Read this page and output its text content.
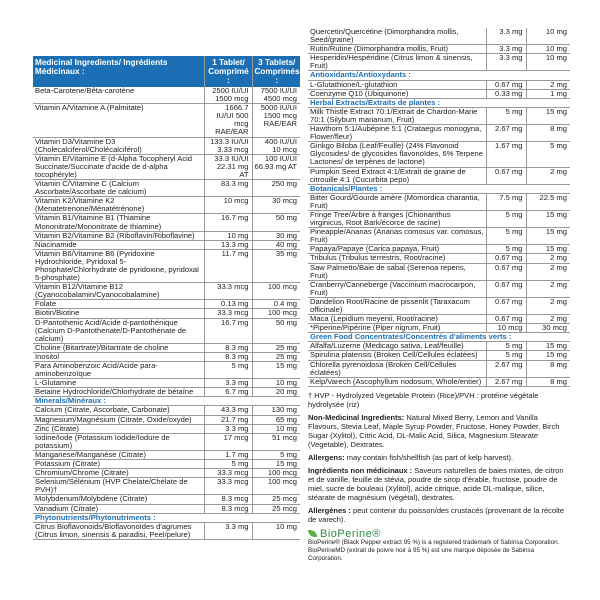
Medicinal Ingredients/ Ingrédients Médicinaux :	1 Tablet/ Comprimé :	3 Tablets/ Comprimés :
Beta-Carotene/Bêta-carotène	2500 IU/UI 1500 mcg	7500 IU/UI 4500 mcg
Vitamin A/Vitamine A (Palmitate)	1666.7 IU/UI 500 mcg RAE/EAR	5000 IU/UI 1500 mcg RAE/EAR
Vitamin D3/Vitamine D3 (Cholecalciferol/Cholécalciférol)	133.3 IU/UI 3.33 mcg	400 IU/UI 10 mcg
Vitamin E/Vitamine E (d-Alpha Tocopheryl Acid Succinate/Succinate d'acide de d-alpha tocophéryle)	33.3 IU/UI 22.31 mg AT	100 IU/UI 66.93 mg AT
Vitamin C/Vitamine C (Calcium Ascorbate/Ascorbate de calcium)	83.3 mg	250 mg
Vitamin K2/Vitamine K2 (Menatetrenone/Ménatétrénone)	10 mcg	30 mcg
Vitamin B1/Vitamine B1 (Thiamine Mononitrate/Mononitrate de thiamine)	16.7 mg	50 mg
Vitamin B2/Vitamine B2 (Riboflavin/Riboflavine)	10 mg	30 mg
Niacinamide	13.3 mg	40 mg
Vitamin B6/Vitamine B6 (Pyridoxine Hydrochloride, Pyridoxal 5-Phosphate/Chlorhydrate de pyridoxine, pyridoxal 5-phosphate)	11.7 mg	35 mg
Vitamin B12/Vitamine B12 (Cyanocobalamin/Cyanocobalamine)	33.3 mcg	100 mcg
Folate	0.13 mg	0.4 mg
Biotin/Biotine	33.3 mcg	100 mcg
D-Pantothenic Acid/Acide d-pantothénique (Calcium D-Pantothenate/D-Pantothénate de calcium)	16.7 mg	50 mg
Choline (Bitartrate)/Bitartrate de choline	8.3 mg	25 mg
Inositol	8.3 mg	25 mg
Para Aminobenzoic Acid/Acide para-aminobenzoïque	5 mg	15 mg
L-Glutamine	3.3 mg	10 mg
Betaine Hydrochloride/Chlorhydrate de bétaïne	6.7 mg	20 mg
Minerals/Minéraux :		
Calcium (Citrate, Ascorbate, Carbonate)	43.3 mg	130 mg
Magnesium/Magnésium (Citrate, Oxide/oxyde)	21.7 mg	65 mg
Zinc (Citrate)	3.3 mg	10 mg
Iodine/Iode (Potassium Iodide/Iodure de potassium)	17 mcg	51 mcg
Manganese/Manganèse (Citrate)	1.7 mg	5 mg
Potassium (Citrate)	5 mg	15 mg
Chromium/Chrome (Citrate)	33.3 mcg	100 mcg
Selenium/Sélénium (HVP Chelate/Chélate de PVH)†	33.3 mcg	100 mcg
Molybdenum/Molybdène (Citrate)	8.3 mcg	25 mcg
Vanadium (Citrate)	8.3 mcg	25 mcg
Phytonutrients/Phytonutriments :		
Citrus Bioflavonoids/Bioflavonoïdes d'agrumes (Citrus limon, sinensis & paradisi, Peel/pelure)	3.3 mg	10 mg
Quercetin/Quercétine (Dimorphandra mollis, Seed/graine)	3.3 mg	10 mg
Rutin/Rutine (Dimorphandra mollis, Fruit)	3.3 mg	10 mg
Hesperidin/Hespéridine (Citrus limon & sinensis, Fruit)	3.3 mg	10 mg
Antioxidants/Antioxydants :		
L-Glutathione/L-glutathion	0.67 mg	2 mg
Coenzyme Q10 (Ubiquinone)	0.33 mg	1 mg
Herbal Extracts/Extraits de plantes :		
Milk Thistle Extract 70:1/Extrait de Chardon-Marie 70:1 (Silybum marianum, Fruit)	5 mg	15 mg
Hawthorn 5:1/Aubépine 5:1 (Crataegus monogyna, Flower/fleur)	2.67 mg	8 mg
Ginkgo Biloba (Leaf/Feuille) (24% Flavonoid Glycosides/ de glycosides flavonoïdes, 6% Terpene Lactones/ de terpènes de lactone)	1.67 mg	5 mg
Pumpkin Seed Extract 4:1/Extrait de graine de citrouille 4:1 (Cucurbita pepo)	0.67 mg	2 mg
Botanicals/Plantes :		
Bitter Gourd/Gourde amère (Momordica charantia, Fruit)	7.5 mg	22.5 mg
Fringe Tree/Arbre à franges (Chionanthus virginicus, Root Bark/écorce de racine)	5 mg	15 mg
Pineapple/Ananas (Ananas comosus var. comosus, Fruit)	5 mg	15 mg
Papaya/Papaye (Carica papaya, Fruit)	5 mg	15 mg
Tribulus (Tribulus terrestris, Root/racine)	0.67 mg	2 mg
Saw Palmetto/Baie de sabal (Serenoa repens, Fruit)	0.67 mg	2 mg
Cranberry/Canneberge (Vaccinium macrocarpon, Fruit)	0.67 mg	2 mg
Dandelion Root/Racine de pissenlit (Taraxacum officinale)	0.67 mg	2 mg
Maca (Lepidium meyenii, Root/racine)	0.67 mg	2 mg
*Piperine/Pipérine (Piper nigrum, Fruit)	10 mcg	30 mcg
Green Food Concentrates/Concentrés d'aliments verts :		
Alfalfa/Luzerne (Medicago sativa, Leaf/feuille)	5 mg	15 mg
Spirulina platensis (Broken Cell/Cellules éclatées)	5 mg	15 mg
Chlorella pyrenoidosa (Broken Cell/Cellules éclatées)	2.67 mg	8 mg
Kelp/Varech (Ascophyllum nodosum, Whole/entier)	2.67 mg	8 mg

† HVP - Hydrolyzed Vegetable Protein (Rice)/PVH : protéine végétale hydrolysée (riz)

Non-Medicinal Ingredients: Natural Mixed Berry, Lemon and Vanilla Flavours, Stevia Leaf, Maple Syrup Powder, Fructose, Honey Powder, Birch Sugar (Xylitol), Citric Acid, DL-Malic Acid, Silica, Magnesium Stearate (Vegetable), Dextrates.

Allergens: may contain fish/shellfish (as part of kelp harvest).

Ingrédients non médicinaux : Saveurs naturelles de baies mixtes, de citron et de vanille, feuille de stévia, poudre de sirop d'érable, fructose, poudre de miel, sucre de bouleau (Xylitol), acide citrique, acide DL-malique, silice, stéarate de magnésium (végétal), dextrates.

Allergènes : peut contenir du poisson/des crustacés (provenant de la récolte de varech).

BioPerine®
BioPerine® (Black Pepper extract 95 %) is a registered trademark of Sabinsa Corporation.
BioPerineMD (extrait de poivre noir à 95 %) est une marque déposée de Sabinsa Corporation.
